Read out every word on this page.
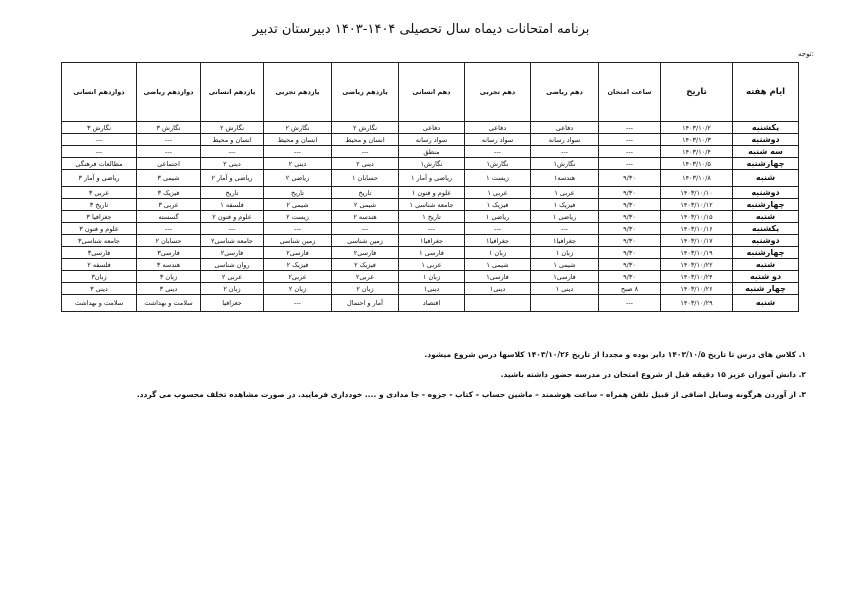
برنامه امتحانات دیماه سال تحصیلی ۱۴۰۴-۱۴۰۳ دبیرستان تدبیر
توجه:
ایام هفته	تاریخ	ساعت امتحان	دهم ریاضی	دهم تجربی	دهم انسانی	یازدهم ریاضی	یازدهم تجربی	یازدهم انسانی	دوازدهم ریاضی	دوازدهم انسانی
یکشنبه	۱۴۰۳/۱۰/۲	---	دفاعی	دفاعی	دفاعی	نگارش ۲	نگارش ۲	نگارش ۲	نگارش ۳	نگارش ۳
دوشنبه	۱۴۰۳/۱۰/۳	---	سواد رسانه	سواد رسانه	سواد رسانه	انسان و محیط	انسان و محیط	انسان و محیط	---	---
سه شنبه	۱۴۰۳/۱۰/۴	---	---	---	منطق	---	---	---	---	---
چهارشنبه	۱۴۰۳/۱۰/۵	---	نگارش۱	نگارش۱	نگارش۱	دینی ۲	دینی ۲	دینی ۲	اجتماعی	مطالعات فرهنگی
شنبه	۱۴۰۳/۱۰/۸	۹/۳۰	هندسه۱	زیست ۱	ریاضی و آمار ۱	حسابان ۱	ریاضی ۲	ریاضی و آمار ۲	شیمی ۳	ریاضی و آمار ۳
دوشنبه	۱۴۰۳/۱۰/۱۰	۹/۳۰	عربی ۱	عربی ۱	علوم و فنون ۱	تاریخ	تاریخ	تاریخ	فیزیک ۳	عربی ۳
چهارشنبه	۱۴۰۳/۱۰/۱۲	۹/۳۰	فیزیک ۱	فیزیک ۱	جامعه شناسی ۱	شیمی ۲	شیمی ۲	فلسفه ۱	عربی ۳	تاریخ ۳
شنبه	۱۴۰۳/۱۰/۱۵	۹/۳۰	ریاضی ۱	ریاضی ۱	تاریخ ۱	هندسه ۲	زیست ۲	علوم و فنون ۲	گسسته	جغرافیا ۳
یکشنبه	۱۴۰۳/۱۰/۱۶	۹/۳۰	---	---	---	---	---	---	---	علوم و فنون ۳
دوشنبه	۱۴۰۳/۱۰/۱۷	۹/۳۰	جغرافیا۱	جغرافیا۱	جغرافیا۱	زمین شناسی	زمین شناسی	جامعه شناسی۲	حسابان ۲	جامعه شناسی۳
چهارشنبه	۱۴۰۳/۱۰/۱۹	۹/۳۰	زبان ۱	زبان ۱	فارسی ۱	فارسی۲	فارسی۲	فارسی۲	فارسی۳	فارسی۳
شنبه	۱۴۰۳/۱۰/۲۲	۹/۳۰	شیمی ۱	شیمی ۱	عربی ۱	فیزیک ۲	فیزیک ۲	روان شناسی	هندسه ۳	فلسفه ۲
دو شنبه	۱۴۰۳/۱۰/۲۴	۹/۳۰	فارسی۱	فارسی۱	زبان ۱	عربی۲	عربی۲	عربی ۲	زبان ۳	زبان۳
چهار شنبه	۱۴۰۳/۱۰/۲۶	۸ صبح	دینی ۱	دینی۱	دینی۱	زبان ۲	زبان ۲	زبان ۲	دینی ۳	دینی ۳
شنبه	۱۴۰۳/۱۰/۲۹	---			اقتصاد	آمار و احتمال	---	جغرافیا	سلامت و بهداشت	سلامت و بهداشت
۱. کلاس های درس تا تاریخ ۱۴۰۳/۱۰/۵ دایر بوده و مجددا از تاریخ ۱۴۰۳/۱۰/۲۶ کلاسها درس شروع میشود.
۲. دانش آموزان عزیز ۱۵ دقیقه قبل از شروع امتحان در مدرسه حضور داشته باشید.
۳. از آوردن هرگونه وسایل اضافی از قبیل تلفن همراه – ساعت هوشمند – ماشین حساب – کتاب - جزوه - جا مدادی و .... خودداری فرمایید. در صورت مشاهده تخلف محسوب می گردد.
